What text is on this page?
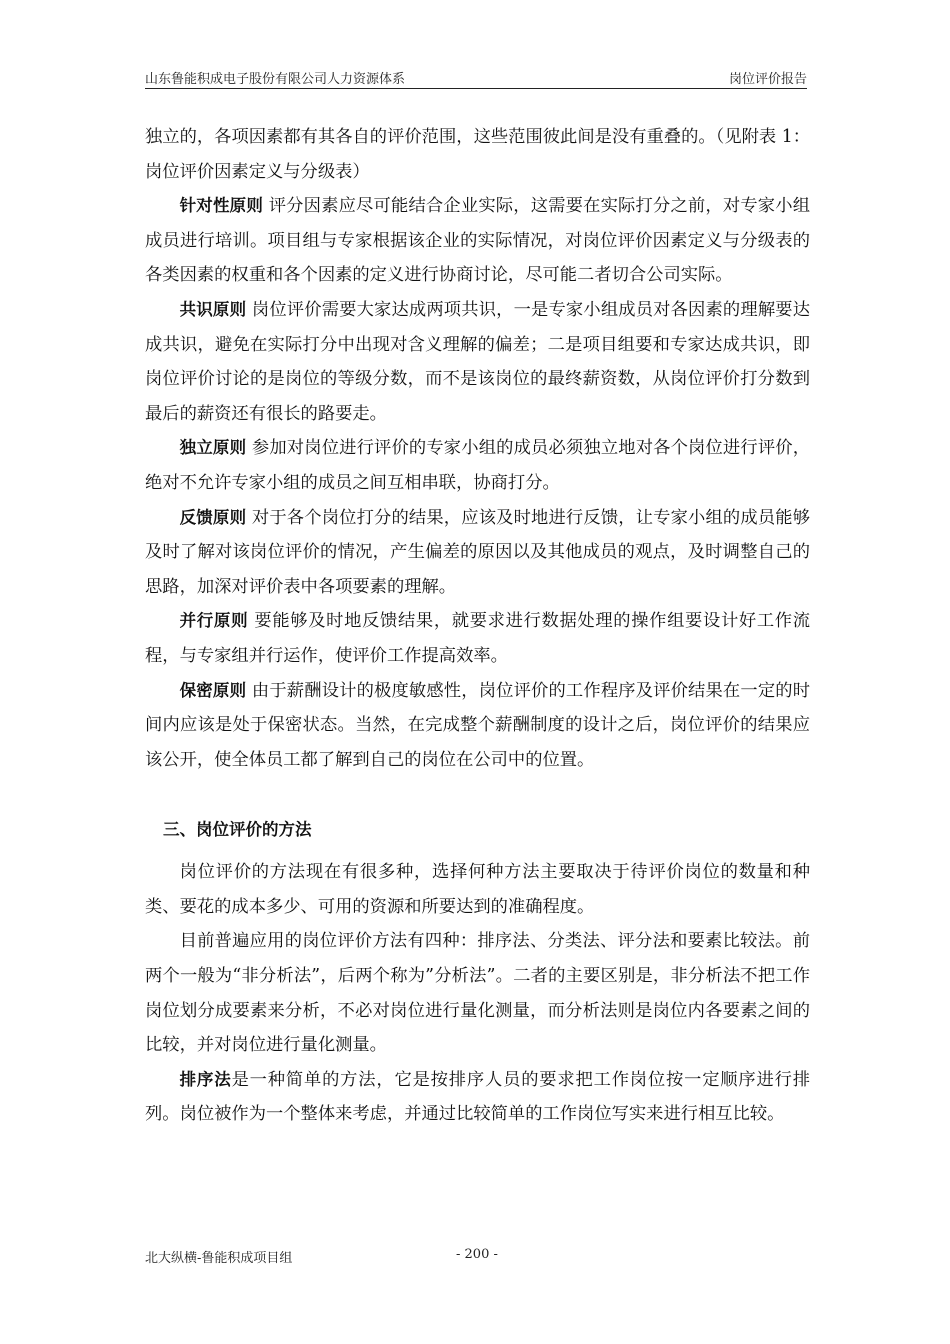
山东鲁能积成电子股份有限公司人力资源体系	岗位评价报告

独立的，各项因素都有其各自的评价范围，这些范围彼此间是没有重叠的。（见附表 1：岗位评价因素定义与分级表）

针对性原则 评分因素应尽可能结合企业实际，这需要在实际打分之前，对专家小组成员进行培训。项目组与专家根据该企业的实际情况，对岗位评价因素定义与分级表的各类因素的权重和各个因素的定义进行协商讨论，尽可能二者切合公司实际。

共识原则 岗位评价需要大家达成两项共识，一是专家小组成员对各因素的理解要达成共识，避免在实际打分中出现对含义理解的偏差；二是项目组要和专家达成共识，即岗位评价讨论的是岗位的等级分数，而不是该岗位的最终薪资数，从岗位评价打分数到最后的薪资还有很长的路要走。

独立原则 参加对岗位进行评价的专家小组的成员必须独立地对各个岗位进行评价，绝对不允许专家小组的成员之间互相串联，协商打分。

反馈原则 对于各个岗位打分的结果，应该及时地进行反馈，让专家小组的成员能够及时了解对该岗位评价的情况，产生偏差的原因以及其他成员的观点，及时调整自己的思路，加深对评价表中各项要素的理解。

并行原则 要能够及时地反馈结果，就要求进行数据处理的操作组要设计好工作流程，与专家组并行运作，使评价工作提高效率。

保密原则 由于薪酬设计的极度敏感性，岗位评价的工作程序及评价结果在一定的时间内应该是处于保密状态。当然，在完成整个薪酬制度的设计之后，岗位评价的结果应该公开，使全体员工都了解到自己的岗位在公司中的位置。

三、岗位评价的方法

岗位评价的方法现在有很多种，选择何种方法主要取决于待评价岗位的数量和种类、要花的成本多少、可用的资源和所要达到的准确程度。

目前普遍应用的岗位评价方法有四种：排序法、分类法、评分法和要素比较法。前两个一般为“非分析法”，后两个称为”分析法”。二者的主要区别是，非分析法不把工作岗位划分成要素来分析，不必对岗位进行量化测量，而分析法则是岗位内各要素之间的比较，并对岗位进行量化测量。

排序法是一种简单的方法，它是按排序人员的要求把工作岗位按一定顺序进行排列。岗位被作为一个整体来考虑，并通过比较简单的工作岗位写实来进行相互比较。

北大纵横-鲁能积成项目组	- 200 -
